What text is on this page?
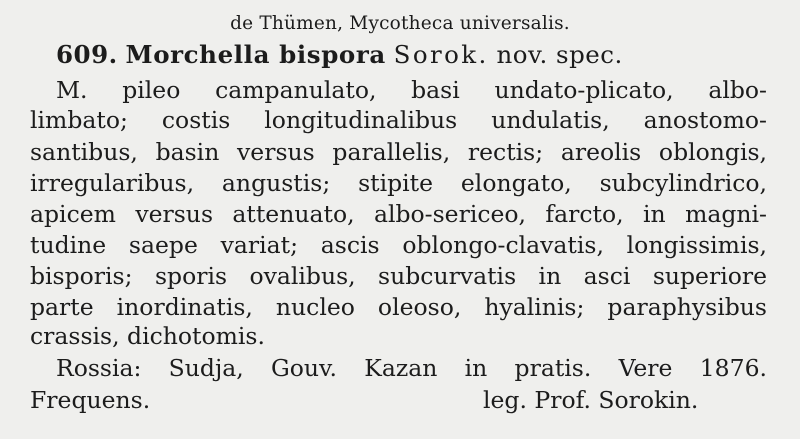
de Thümen, Mycotheca universalis.
609. Morchella bispora Sorok. nov. spec.
M. pileo campanulato, basi undato-plicato, albo-
limbato; costis longitudinalibus undulatis, anostomo-
santibus, basin versus parallelis, rectis; areolis oblongis,
irregularibus, angustis; stipite elongato, subcylindrico,
apicem versus attenuato, albo-sericeo, farcto, in magni-
tudine saepe variat; ascis oblongo-clavatis, longissimis,
bisporis; sporis ovalibus, subcurvatis in asci superiore
parte inordinatis, nucleo oleoso, hyalinis; paraphysibus
crassis, dichotomis.
Rossia: Sudja, Gouv. Kazan in pratis. Vere 1876.
Frequens.	leg. Prof. Sorokin.
